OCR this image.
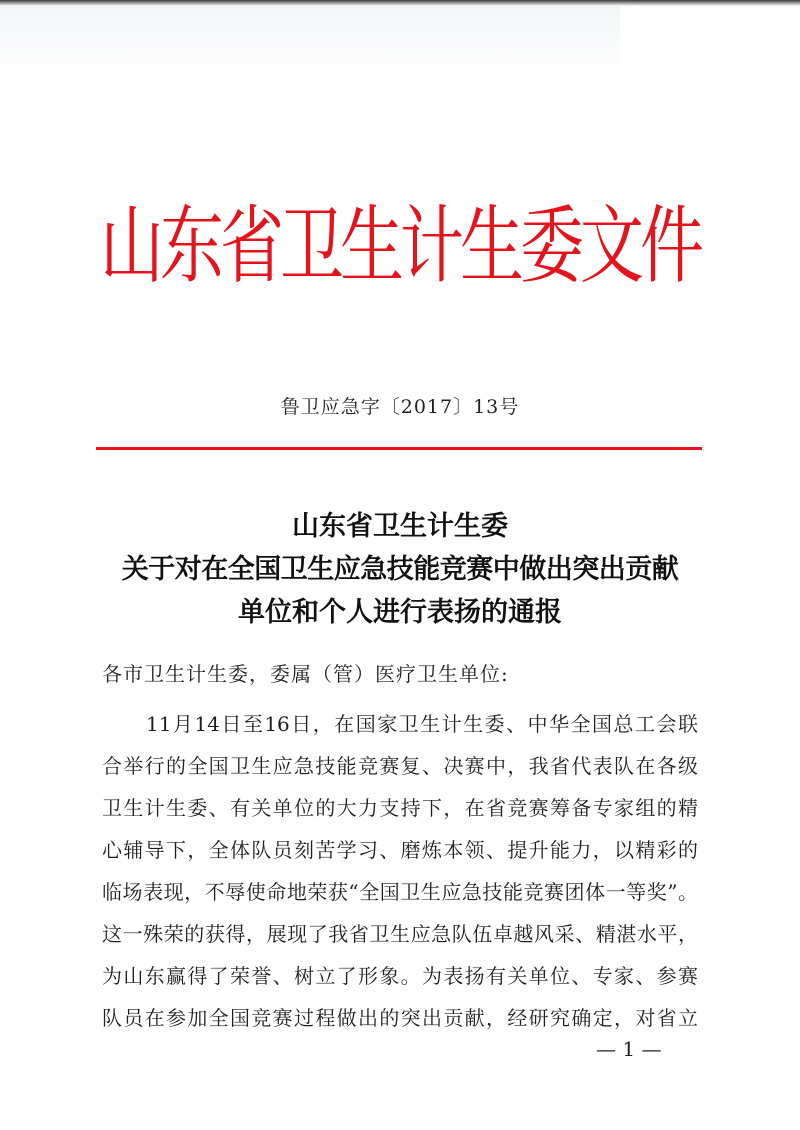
山东省卫生计生委文件
鲁卫应急字〔2017〕13号
山东省卫生计生委
关于对在全国卫生应急技能竞赛中做出突出贡献
单位和个人进行表扬的通报
各市卫生计生委，委属（管）医疗卫生单位:
11月14日至16日，在国家卫生计生委、中华全国总工会联
合举行的全国卫生应急技能竞赛复、决赛中，我省代表队在各级
卫生计生委、有关单位的大力支持下，在省竞赛筹备专家组的精
心辅导下，全体队员刻苦学习、磨炼本领、提升能力，以精彩的
临场表现，不辱使命地荣获“全国卫生应急技能竞赛团体一等奖”。
这一殊荣的获得，展现了我省卫生应急队伍卓越风采、精湛水平，
为山东赢得了荣誉、树立了形象。为表扬有关单位、专家、参赛
队员在参加全国竞赛过程做出的突出贡献，经研究确定，对省立
— 1 —
